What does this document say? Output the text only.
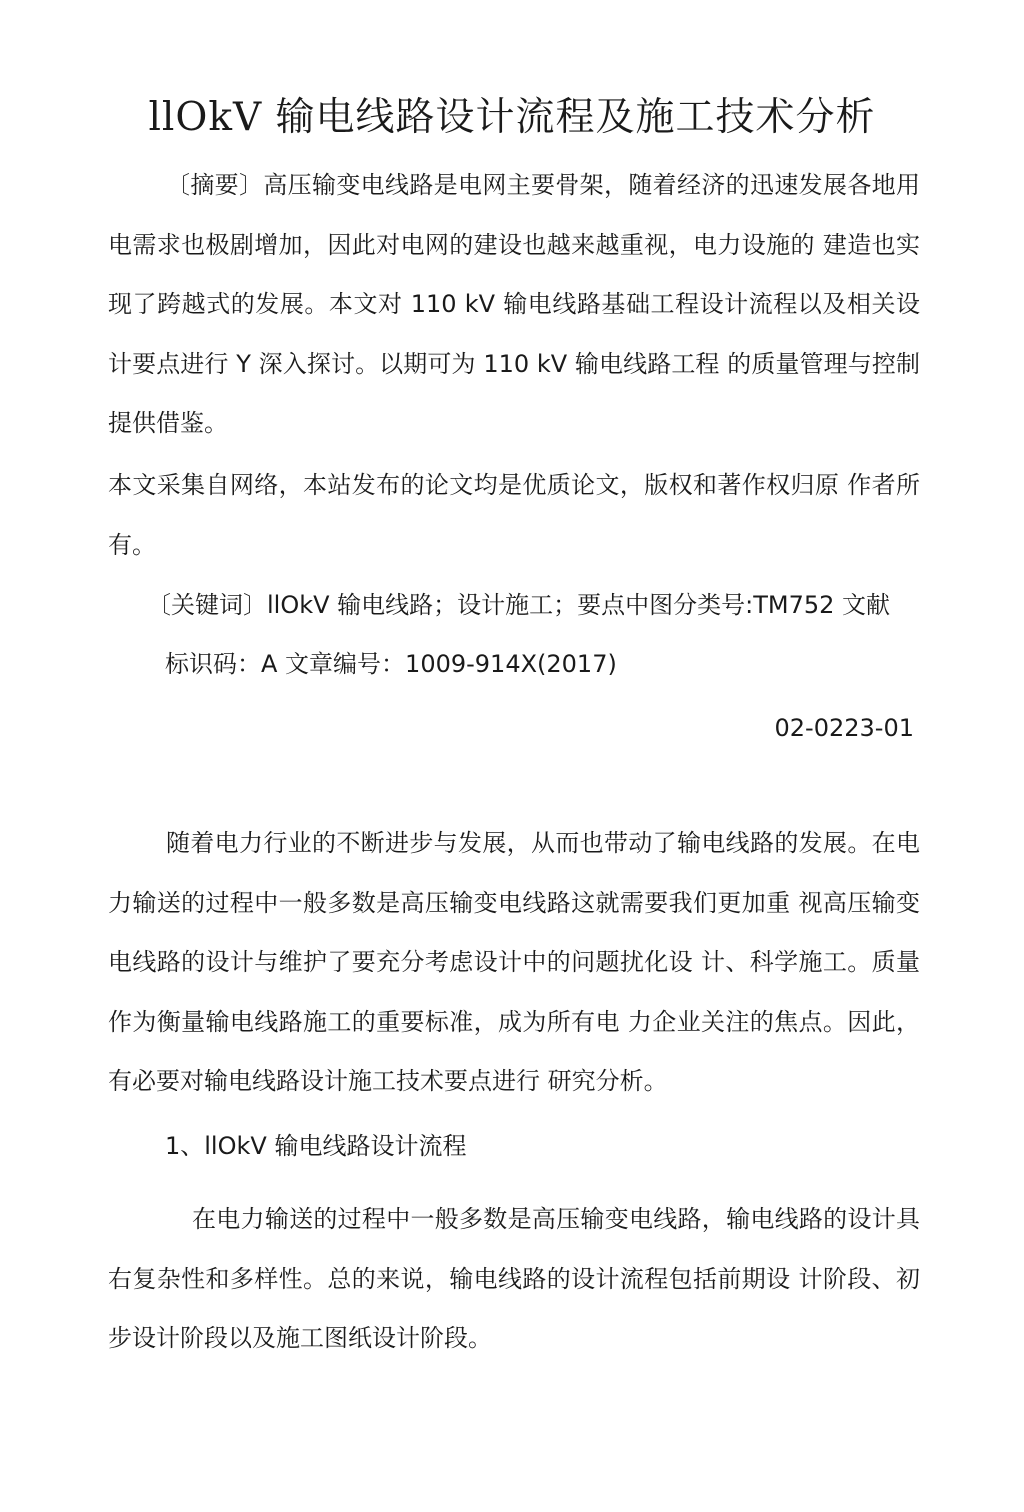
llOkV 输电线路设计流程及施工技术分析

〔摘要〕高压输变电线路是电网主要骨架，随着经济的迅速发展各地用电需求也极剧增加，因此对电网的建设也越来越重视，电力设施的 建造也实现了跨越式的发展。本文对 110 kV 输电线路基础工程设计流程以及相关设计要点进行 Y 深入探讨。以期可为 110 kV 输电线路工程 的质量管理与控制提供借鉴。

本文采集自网络，本站发布的论文均是优质论文，版权和著作权归原 作者所有。

〔关键词〕llOkV 输电线路；设计施工；要点中图分类号:TM752 文献
标识码：A 文章编号：1009-914X(2017)
02-0223-01

随着电力行业的不断进步与发展，从而也带动了输电线路的发展。在电力输送的过程中一般多数是高压输变电线路这就需要我们更加重 视高压输变电线路的设计与维护了要充分考虑设计中的问题扰化设 计、科学施工。质量作为衡量输电线路施工的重要标准，成为所有电 力企业关注的焦点。因此，有必要对输电线路设计施工技术要点进行 研究分析。

1、llOkV 输电线路设计流程

在电力输送的过程中一般多数是高压输变电线路，输电线路的设计具右复杂性和多样性。总的来说，输电线路的设计流程包括前期设 计阶段、初步设计阶段以及施工图纸设计阶段。
